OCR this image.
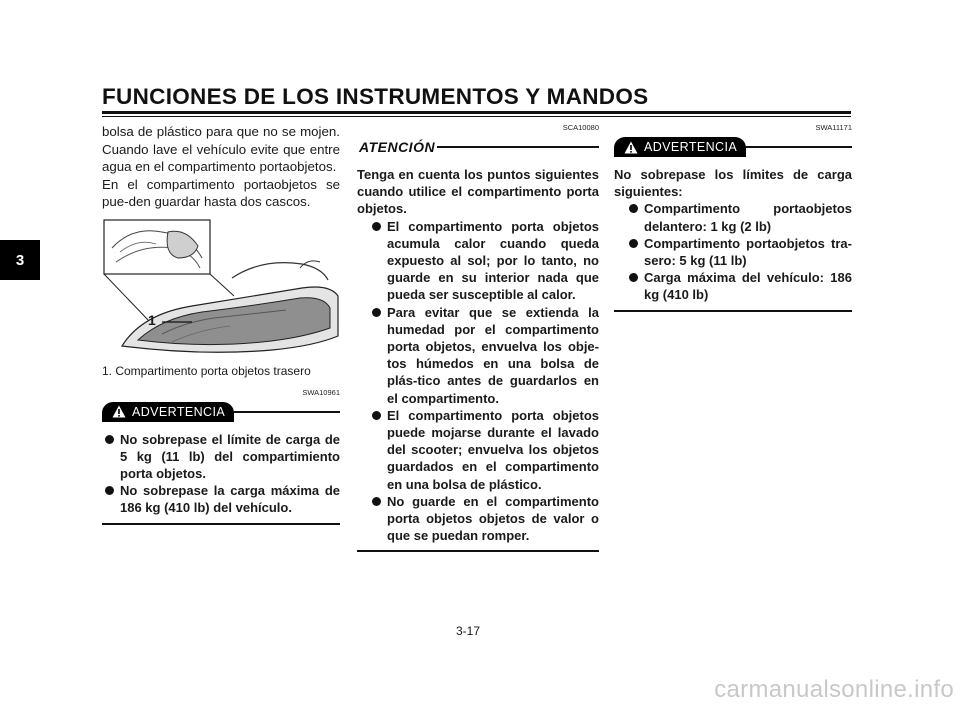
FUNCIONES DE LOS INSTRUMENTOS Y MANDOS
3

bolsa de plástico para que no se mojen. Cuando lave el vehículo evite que entre agua en el compartimento portaobjetos.

En el compartimento portaobjetos se pue-den guardar hasta dos cascos.

1
1. Compartimento porta objetos trasero
SWA10961
ADVERTENCIA
No sobrepase el límite de carga de 5 kg (11 lb) del compartimiento porta objetos.
No sobrepase la carga máxima de 186 kg (410 lb) del vehículo.
SCA10080
ATENCIÓN

Tenga en cuenta los puntos siguientes cuando utilice el compartimento porta objetos.

El compartimento porta objetos acumula calor cuando queda expuesto al sol; por lo tanto, no guarde en su interior nada que pueda ser susceptible al calor.
Para evitar que se extienda la humedad por el compartimento porta objetos, envuelva los obje-tos húmedos en una bolsa de plás-tico antes de guardarlos en el compartimento.
El compartimento porta objetos puede mojarse durante el lavado del scooter; envuelva los objetos guardados en el compartimento en una bolsa de plástico.
No guarde en el compartimento porta objetos objetos de valor o que se puedan romper.
SWA11171
ADVERTENCIA

No sobrepase los límites de carga siguientes:

Compartimento portaobjetos delantero: 1 kg (2 lb)
Compartimento portaobjetos tra-sero: 5 kg (11 lb)
Carga máxima del vehículo: 186 kg (410 lb)
3-17
carmanualsonline.info
